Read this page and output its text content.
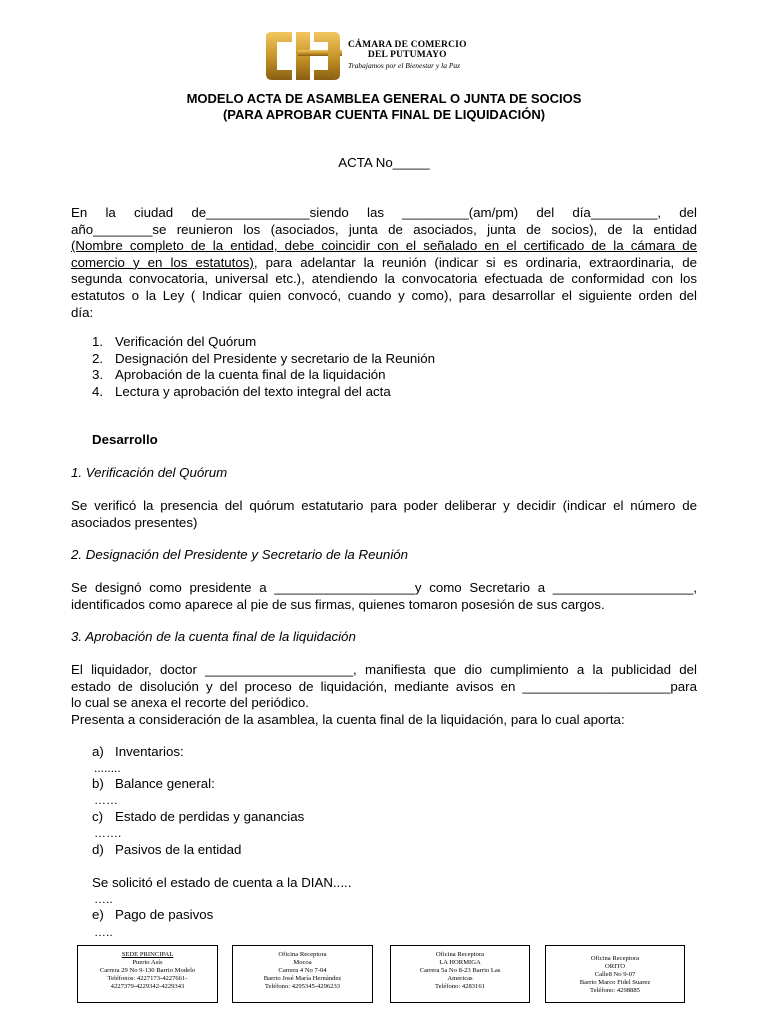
CÁMARA DE COMERCIO
DEL PUTUMAYO
Trabajamos por el Bienestar y la Paz
MODELO ACTA DE ASAMBLEA GENERAL O JUNTA DE SOCIOS
(PARA APROBAR CUENTA FINAL DE LIQUIDACIÓN)
ACTA No_____
En la ciudad de______________siendo las _________(am/pm) del día_________, del
año________se reunieron los (asociados, junta de asociados, junta de socios), de la entidad
(Nombre completo de la entidad, debe coincidir con el señalado en el certificado de la cámara de
comercio y en los estatutos), para adelantar la reunión (indicar si es ordinaria, extraordinaria, de
segunda convocatoria, universal etc.), atendiendo la convocatoria efectuada de conformidad con los
estatutos o la Ley ( Indicar quien convocó, cuando y como), para desarrollar el siguiente orden del
día:
1. Verificación del Quórum
2. Designación del Presidente y secretario de la Reunión
3. Aprobación de la cuenta final de la liquidación
4. Lectura y aprobación del texto integral del acta
Desarrollo
1. Verificación del Quórum
Se verificó la presencia del quórum estatutario para poder deliberar y decidir (indicar el número de
asociados presentes)
2. Designación del Presidente y Secretario de la Reunión
Se designó como presidente a ___________________y como Secretario a ___________________,
identificados como aparece al pie de sus firmas, quienes tomaron posesión de sus cargos.
3. Aprobación de la cuenta final de la liquidación
El liquidador, doctor ____________________, manifiesta que dio cumplimiento a la publicidad del
estado de disolución y del proceso de liquidación, mediante avisos en ____________________para
lo cual se anexa el recorte del periódico.
Presenta a consideración de la asamblea, la cuenta final de la liquidación, para lo cual aporta:
a) Inventarios:
........
b) Balance general:
……
c) Estado de perdidas y ganancias
…….
d) Pasivos de la entidad
Se solicitó el estado de cuenta a la DIAN.....
…..
e) Pago de pasivos
…..
SEDE PRINCIPAL
Puerto Asís
Carrera 29 No 9-130 Barrio Modelo
Teléfonos: 4227173-4227661-
4227379-4229342-4229343
Oficina Receptora
Mocoa
Carrera 4 No 7-04
Barrio José María Hernández
Teléfono: 4295345-4296233
Oficina Receptora
LA HORMIGA
Carrera 5a No 8-23 Barrio Las
Americas
Teléfono: 4283161
Oficina Receptora
ORITO
Calle8 No 9-07
Barrio Marco Fidel Suarez
Teléfono: 4298885
